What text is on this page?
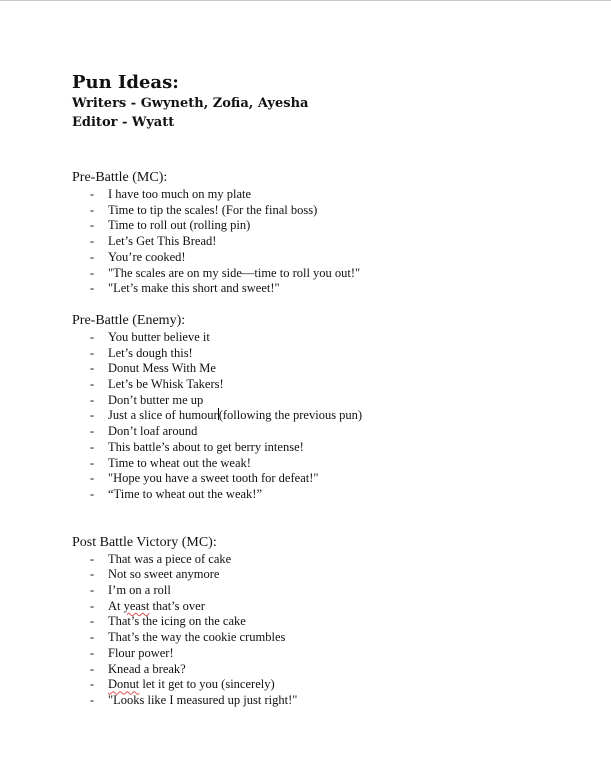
Pun Ideas:
Writers - Gwyneth, Zofia, Ayesha
Editor - Wyatt
Pre-Battle (MC):
- I have too much on my plate
- Time to tip the scales! (For the final boss)
- Time to roll out (rolling pin)
- Let’s Get This Bread!
- You’re cooked!
- "The scales are on my side—time to roll you out!"
- "Let’s make this short and sweet!"
Pre-Battle (Enemy):
- You butter believe it
- Let’s dough this!
- Donut Mess With Me
- Let’s be Whisk Takers!
- Don’t butter me up
- Just a slice of humour(following the previous pun)
- Don’t loaf around
- This battle’s about to get berry intense!
- Time to wheat out the weak!
- "Hope you have a sweet tooth for defeat!"
- “Time to wheat out the weak!”
Post Battle Victory (MC):
- That was a piece of cake
- Not so sweet anymore
- I’m on a roll
- At yeast that’s over
- That’s the icing on the cake
- That’s the way the cookie crumbles
- Flour power!
- Knead a break?
- Donut let it get to you (sincerely)
- "Looks like I measured up just right!"
